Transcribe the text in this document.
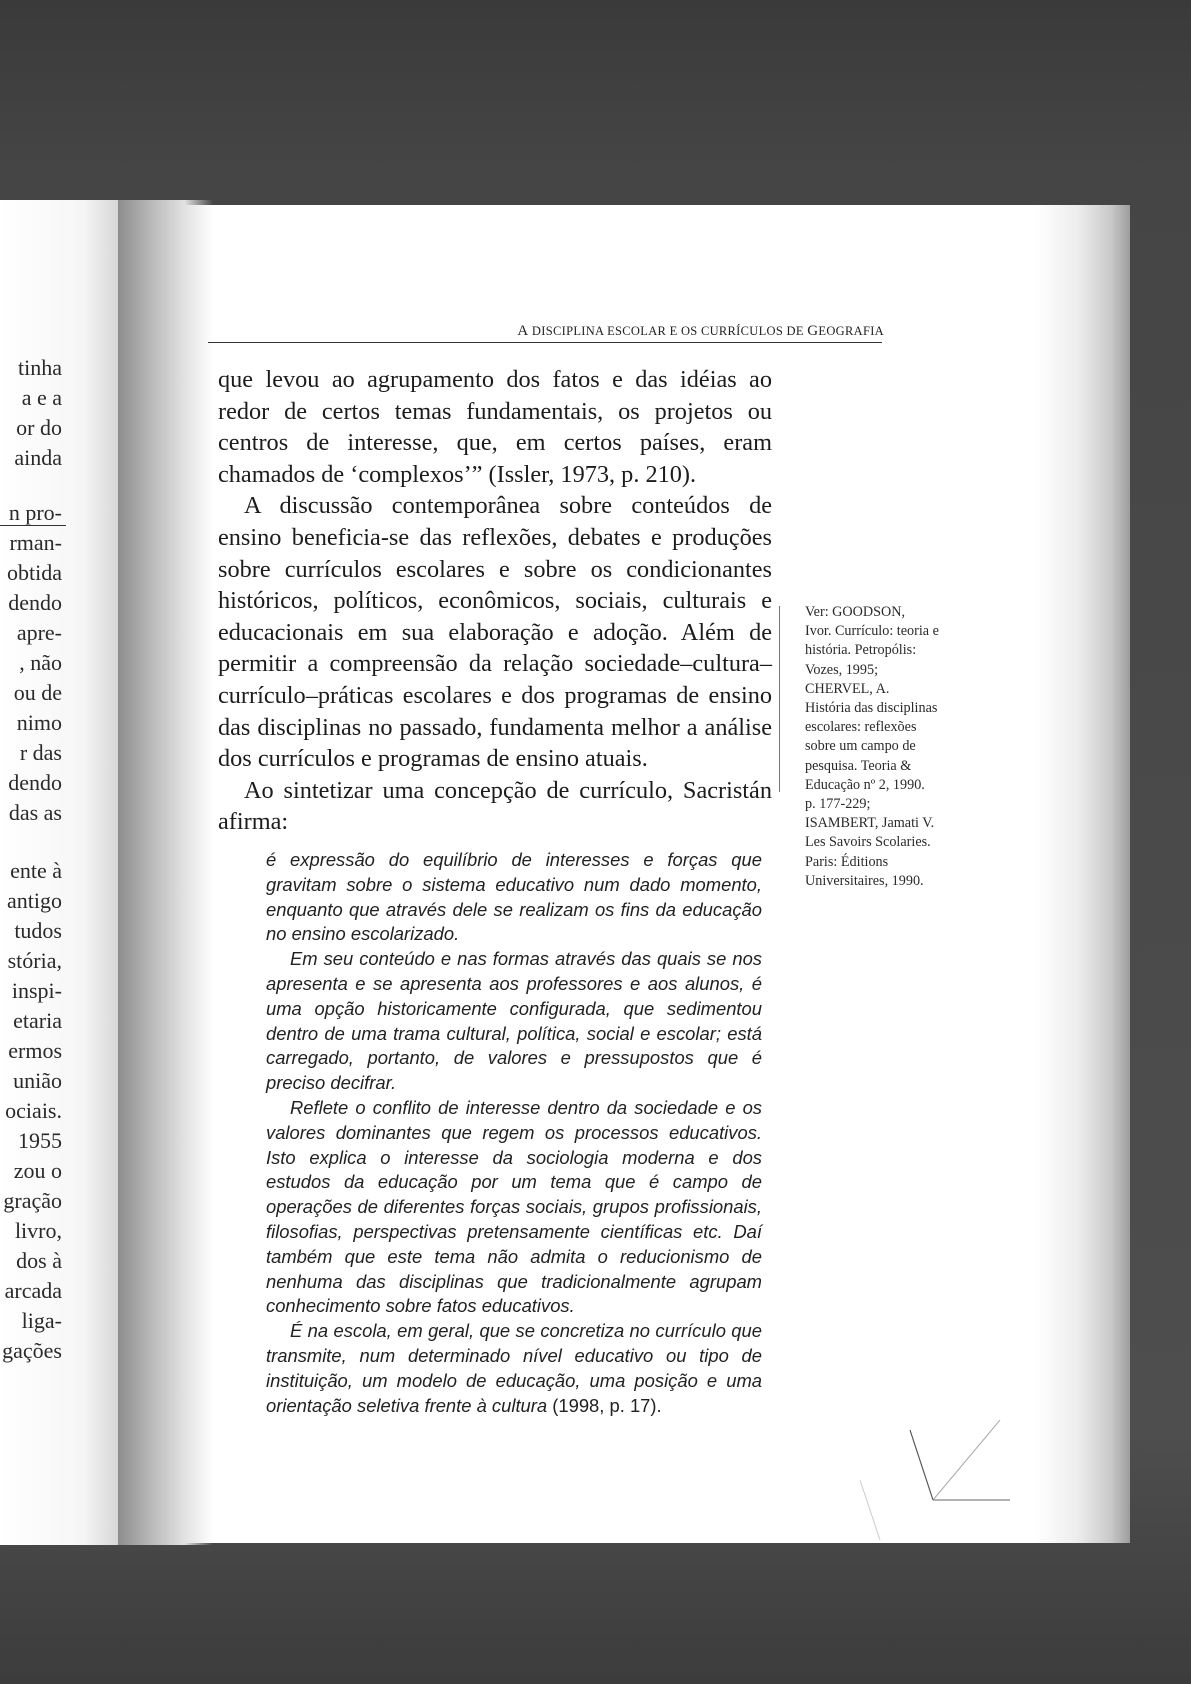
tinha
a e a
or do
ainda
n pro-
rman-
obtida
dendo
apre-
, não
ou de
nimo
r das
dendo
das as
ente à
antigo
tudos
stória,
inspi-
etaria
ermos
união
ociais.
1955
zou o
gração
livro,
dos à
arcada
liga-
gações
A DISCIPLINA ESCOLAR E OS CURRÍCULOS DE GEOGRAFIA

que levou ao agrupamento dos fatos e das idéias ao redor de certos temas fundamentais, os projetos ou centros de interesse, que, em certos países, eram chamados de ‘complexos’” (Issler, 1973, p. 210).

A discussão contemporânea sobre conteúdos de ensino beneficia-se das reflexões, debates e produções sobre currículos escolares e sobre os condicionantes históricos, políticos, econômicos, sociais, culturais e educacionais em sua elaboração e adoção. Além de permitir a compreensão da relação sociedade–cultura–currículo–práticas escolares e dos programas de ensino das disciplinas no passado, fundamenta melhor a análise dos currículos e programas de ensino atuais.

Ao sintetizar uma concepção de currículo, Sacristán afirma:

é expressão do equilíbrio de interesses e forças que gravitam sobre o sistema educativo num dado momento, enquanto que através dele se realizam os fins da educação no ensino escolarizado.

Em seu conteúdo e nas formas através das quais se nos apresenta e se apresenta aos professores e aos alunos, é uma opção historicamente configurada, que sedimentou dentro de uma trama cultural, política, social e escolar; está carregado, portanto, de valores e pressupostos que é preciso decifrar.

Reflete o conflito de interesse dentro da sociedade e os valores dominantes que regem os processos educativos. Isto explica o interesse da sociologia moderna e dos estudos da educação por um tema que é campo de operações de diferentes forças sociais, grupos profissionais, filosofias, perspectivas pretensamente científicas etc. Daí também que este tema não admita o reducionismo de nenhuma das disciplinas que tradicionalmente agrupam conhecimento sobre fatos educativos.

É na escola, em geral, que se concretiza no currículo que transmite, num determinado nível educativo ou tipo de instituição, um modelo de educação, uma posição e uma orientação seletiva frente à cultura (1998, p. 17).

Ver: GOODSON,
Ivor. Currículo: teoria e
história. Petropólis:
Vozes, 1995;
CHERVEL, A.
História das disciplinas
escolares: reflexões
sobre um campo de
pesquisa. Teoria &
Educação nº 2, 1990.
p. 177-229;
ISAMBERT, Jamati V.
Les Savoirs Scolaries.
Paris: Éditions
Universitaires, 1990.
